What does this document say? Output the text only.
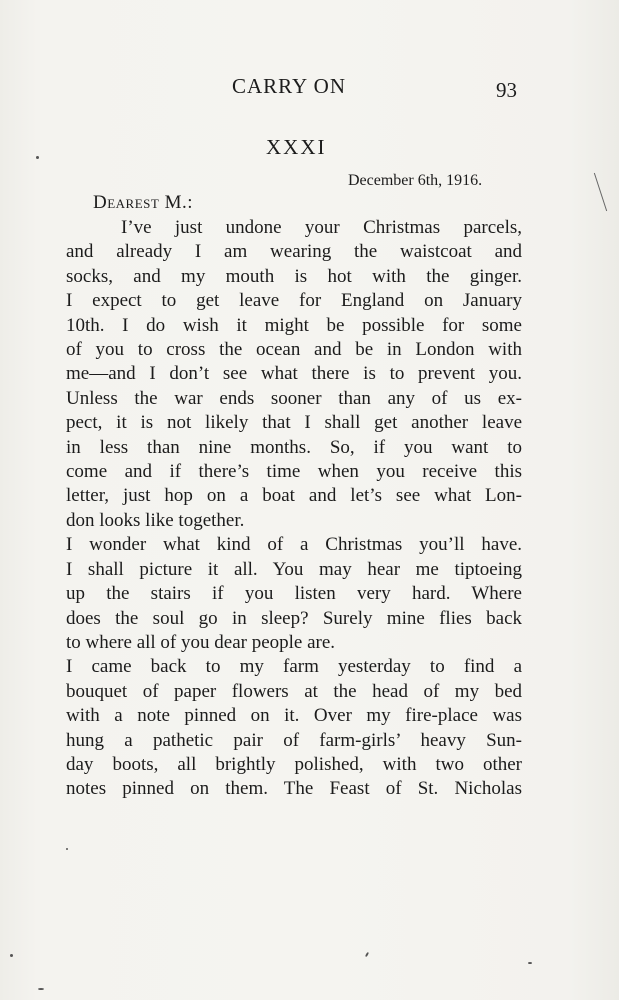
CARRY ON	93
XXXI
December 6th, 1916.
Dearest M.:

I’ve just undone your Christmas parcels,
and already I am wearing the waistcoat and
socks, and my mouth is hot with the ginger.

I expect to get leave for England on January
10th. I do wish it might be possible for some
of you to cross the ocean and be in London with
me—and I don’t see what there is to prevent you.
Unless the war ends sooner than any of us ex-
pect, it is not likely that I shall get another leave
in less than nine months. So, if you want to
come and if there’s time when you receive this
letter, just hop on a boat and let’s see what Lon-
don looks like together.

I wonder what kind of a Christmas you’ll have.
I shall picture it all. You may hear me tiptoeing
up the stairs if you listen very hard. Where
does the soul go in sleep? Surely mine flies back
to where all of you dear people are.

I came back to my farm yesterday to find a
bouquet of paper flowers at the head of my bed
with a note pinned on it. Over my fire-place was
hung a pathetic pair of farm-girls’ heavy Sun-
day boots, all brightly polished, with two other
notes pinned on them. The Feast of St. Nicholas
